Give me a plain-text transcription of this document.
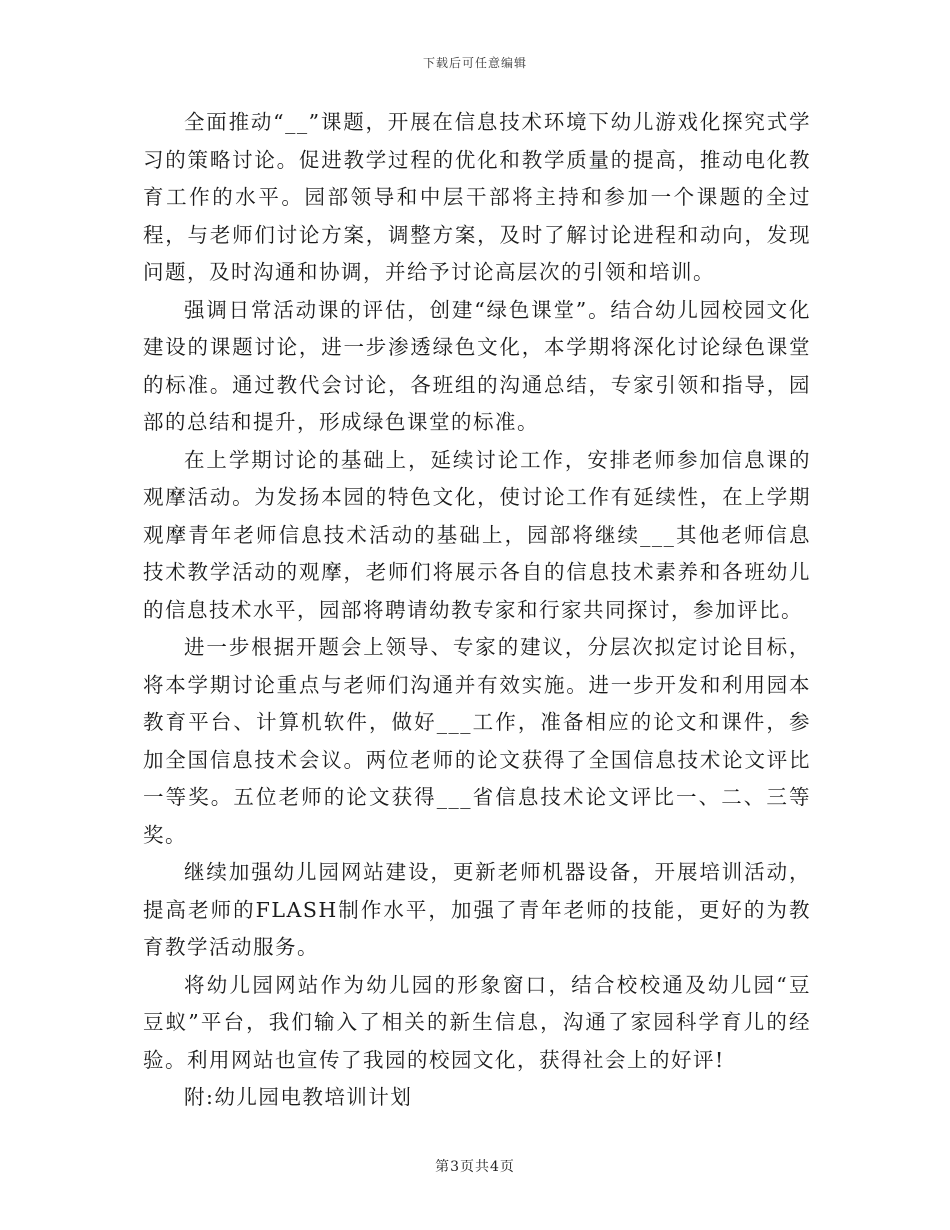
下载后可任意编辑

全面推动“__”课题，开展在信息技术环境下幼儿游戏化探究式学习的策略讨论。促进教学过程的优化和教学质量的提高，推动电化教育工作的水平。园部领导和中层干部将主持和参加一个课题的全过程，与老师们讨论方案，调整方案，及时了解讨论进程和动向，发现问题，及时沟通和协调，并给予讨论高层次的引领和培训。

强调日常活动课的评估，创建“绿色课堂”。结合幼儿园校园文化建设的课题讨论，进一步渗透绿色文化，本学期将深化讨论绿色课堂的标准。通过教代会讨论，各班组的沟通总结，专家引领和指导，园部的总结和提升，形成绿色课堂的标准。

在上学期讨论的基础上，延续讨论工作，安排老师参加信息课的观摩活动。为发扬本园的特色文化，使讨论工作有延续性，在上学期观摩青年老师信息技术活动的基础上，园部将继续___其他老师信息技术教学活动的观摩，老师们将展示各自的信息技术素养和各班幼儿的信息技术水平，园部将聘请幼教专家和行家共同探讨，参加评比。

进一步根据开题会上领导、专家的建议，分层次拟定讨论目标，将本学期讨论重点与老师们沟通并有效实施。进一步开发和利用园本教育平台、计算机软件，做好___工作，准备相应的论文和课件，参加全国信息技术会议。两位老师的论文获得了全国信息技术论文评比一等奖。五位老师的论文获得___省信息技术论文评比一、二、三等奖。

继续加强幼儿园网站建设，更新老师机器设备，开展培训活动，提高老师的FLASH制作水平，加强了青年老师的技能，更好的为教育教学活动服务。

将幼儿园网站作为幼儿园的形象窗口，结合校校通及幼儿园“豆豆蚁”平台，我们输入了相关的新生信息，沟通了家园科学育儿的经验。利用网站也宣传了我园的校园文化，获得社会上的好评!

附:幼儿园电教培训计划

第3页共4页
